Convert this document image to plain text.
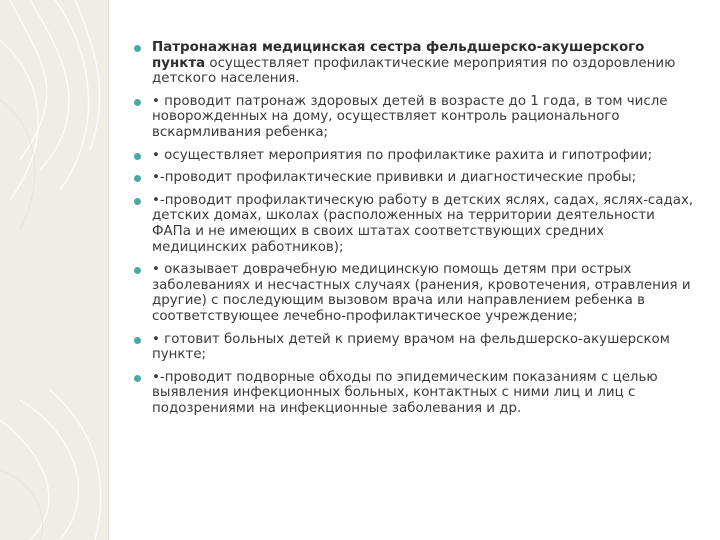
Патронажная медицинская сестра фельдшерско-акушерского пункта осуществляет профилактические мероприятия по оздоровлению детского населения.
• проводит патронаж здоровых детей в возрасте до 1 года, в том числе новорожденных на дому, осуществляет контроль рационального вскармливания ребенка;
• осуществляет мероприятия по профилактике рахита и гипотрофии;
•-проводит профилактические прививки и диагностические пробы;
•-проводит профилактическую работу в детских яслях, садах, яслях-садах, детских домах, школах (расположенных на территории деятельности ФАПа и не имеющих в своих штатах соответствующих средних медицинских работников);
• оказывает доврачебную медицинскую помощь детям при острых заболеваниях и несчастных случаях (ранения, кровотечения, отравления и другие) с последующим вызовом врача или направлением ребенка в соответствующее лечебно-профилактическое учреждение;
• готовит больных детей к приему врачом на фельдшерско-акушерском пункте;
•-проводит подворные обходы по эпидемическим показаниям с целью выявления инфекционных больных, контактных с ними лиц и лиц с подозрениями на инфекционные заболевания и др.
